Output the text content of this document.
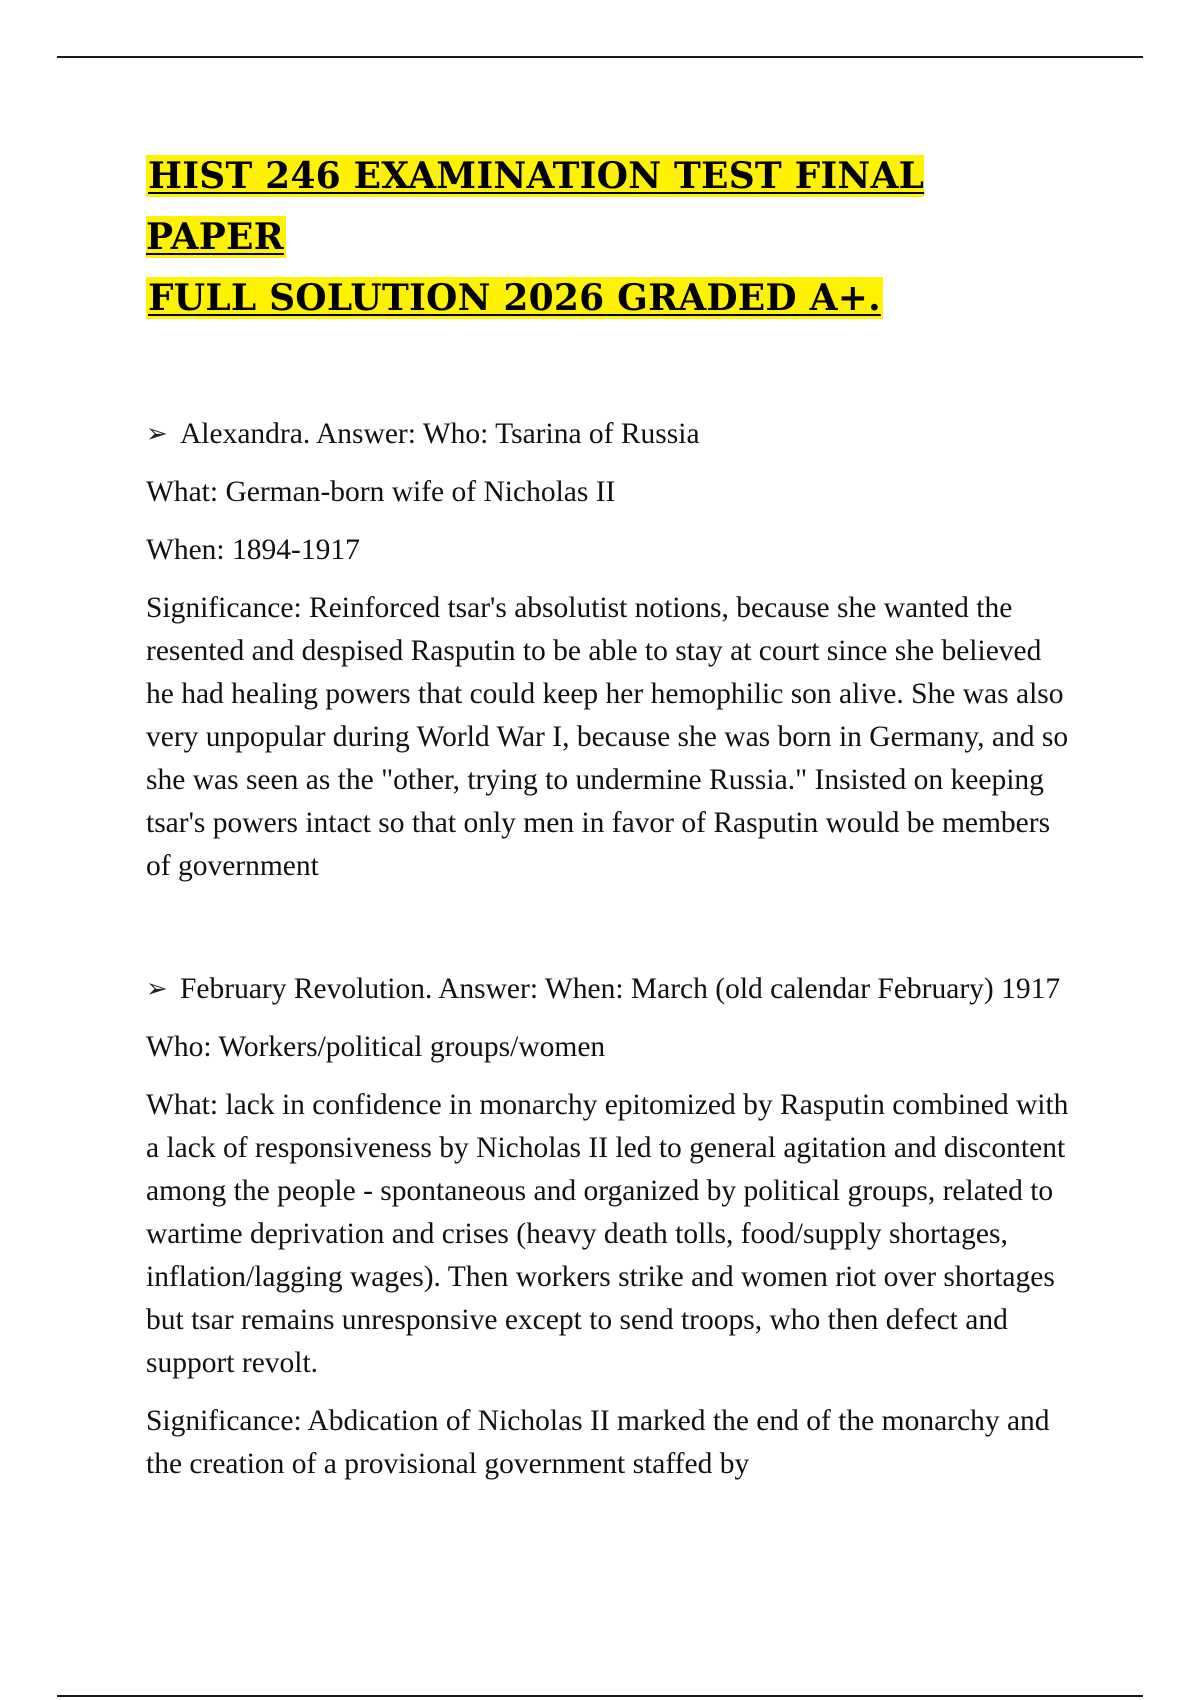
HIST 246 EXAMINATION TEST FINAL PAPER
FULL SOLUTION 2026 GRADED A+.

➢ Alexandra. Answer: Who: Tsarina of Russia

What: German-born wife of Nicholas II

When: 1894-1917

Significance: Reinforced tsar's absolutist notions, because she wanted the resented and despised Rasputin to be able to stay at court since she believed he had healing powers that could keep her hemophilic son alive. She was also very unpopular during World War I, because she was born in Germany, and so she was seen as the "other, trying to undermine Russia." Insisted on keeping tsar's powers intact so that only men in favor of Rasputin would be members of government

➢ February Revolution. Answer: When: March (old calendar February) 1917

Who: Workers/political groups/women

What: lack in confidence in monarchy epitomized by Rasputin combined with a lack of responsiveness by Nicholas II led to general agitation and discontent among the people - spontaneous and organized by political groups, related to wartime deprivation and crises (heavy death tolls, food/supply shortages, inflation/lagging wages). Then workers strike and women riot over shortages but tsar remains unresponsive except to send troops, who then defect and support revolt.

Significance: Abdication of Nicholas II marked the end of the monarchy and the creation of a provisional government staffed by
